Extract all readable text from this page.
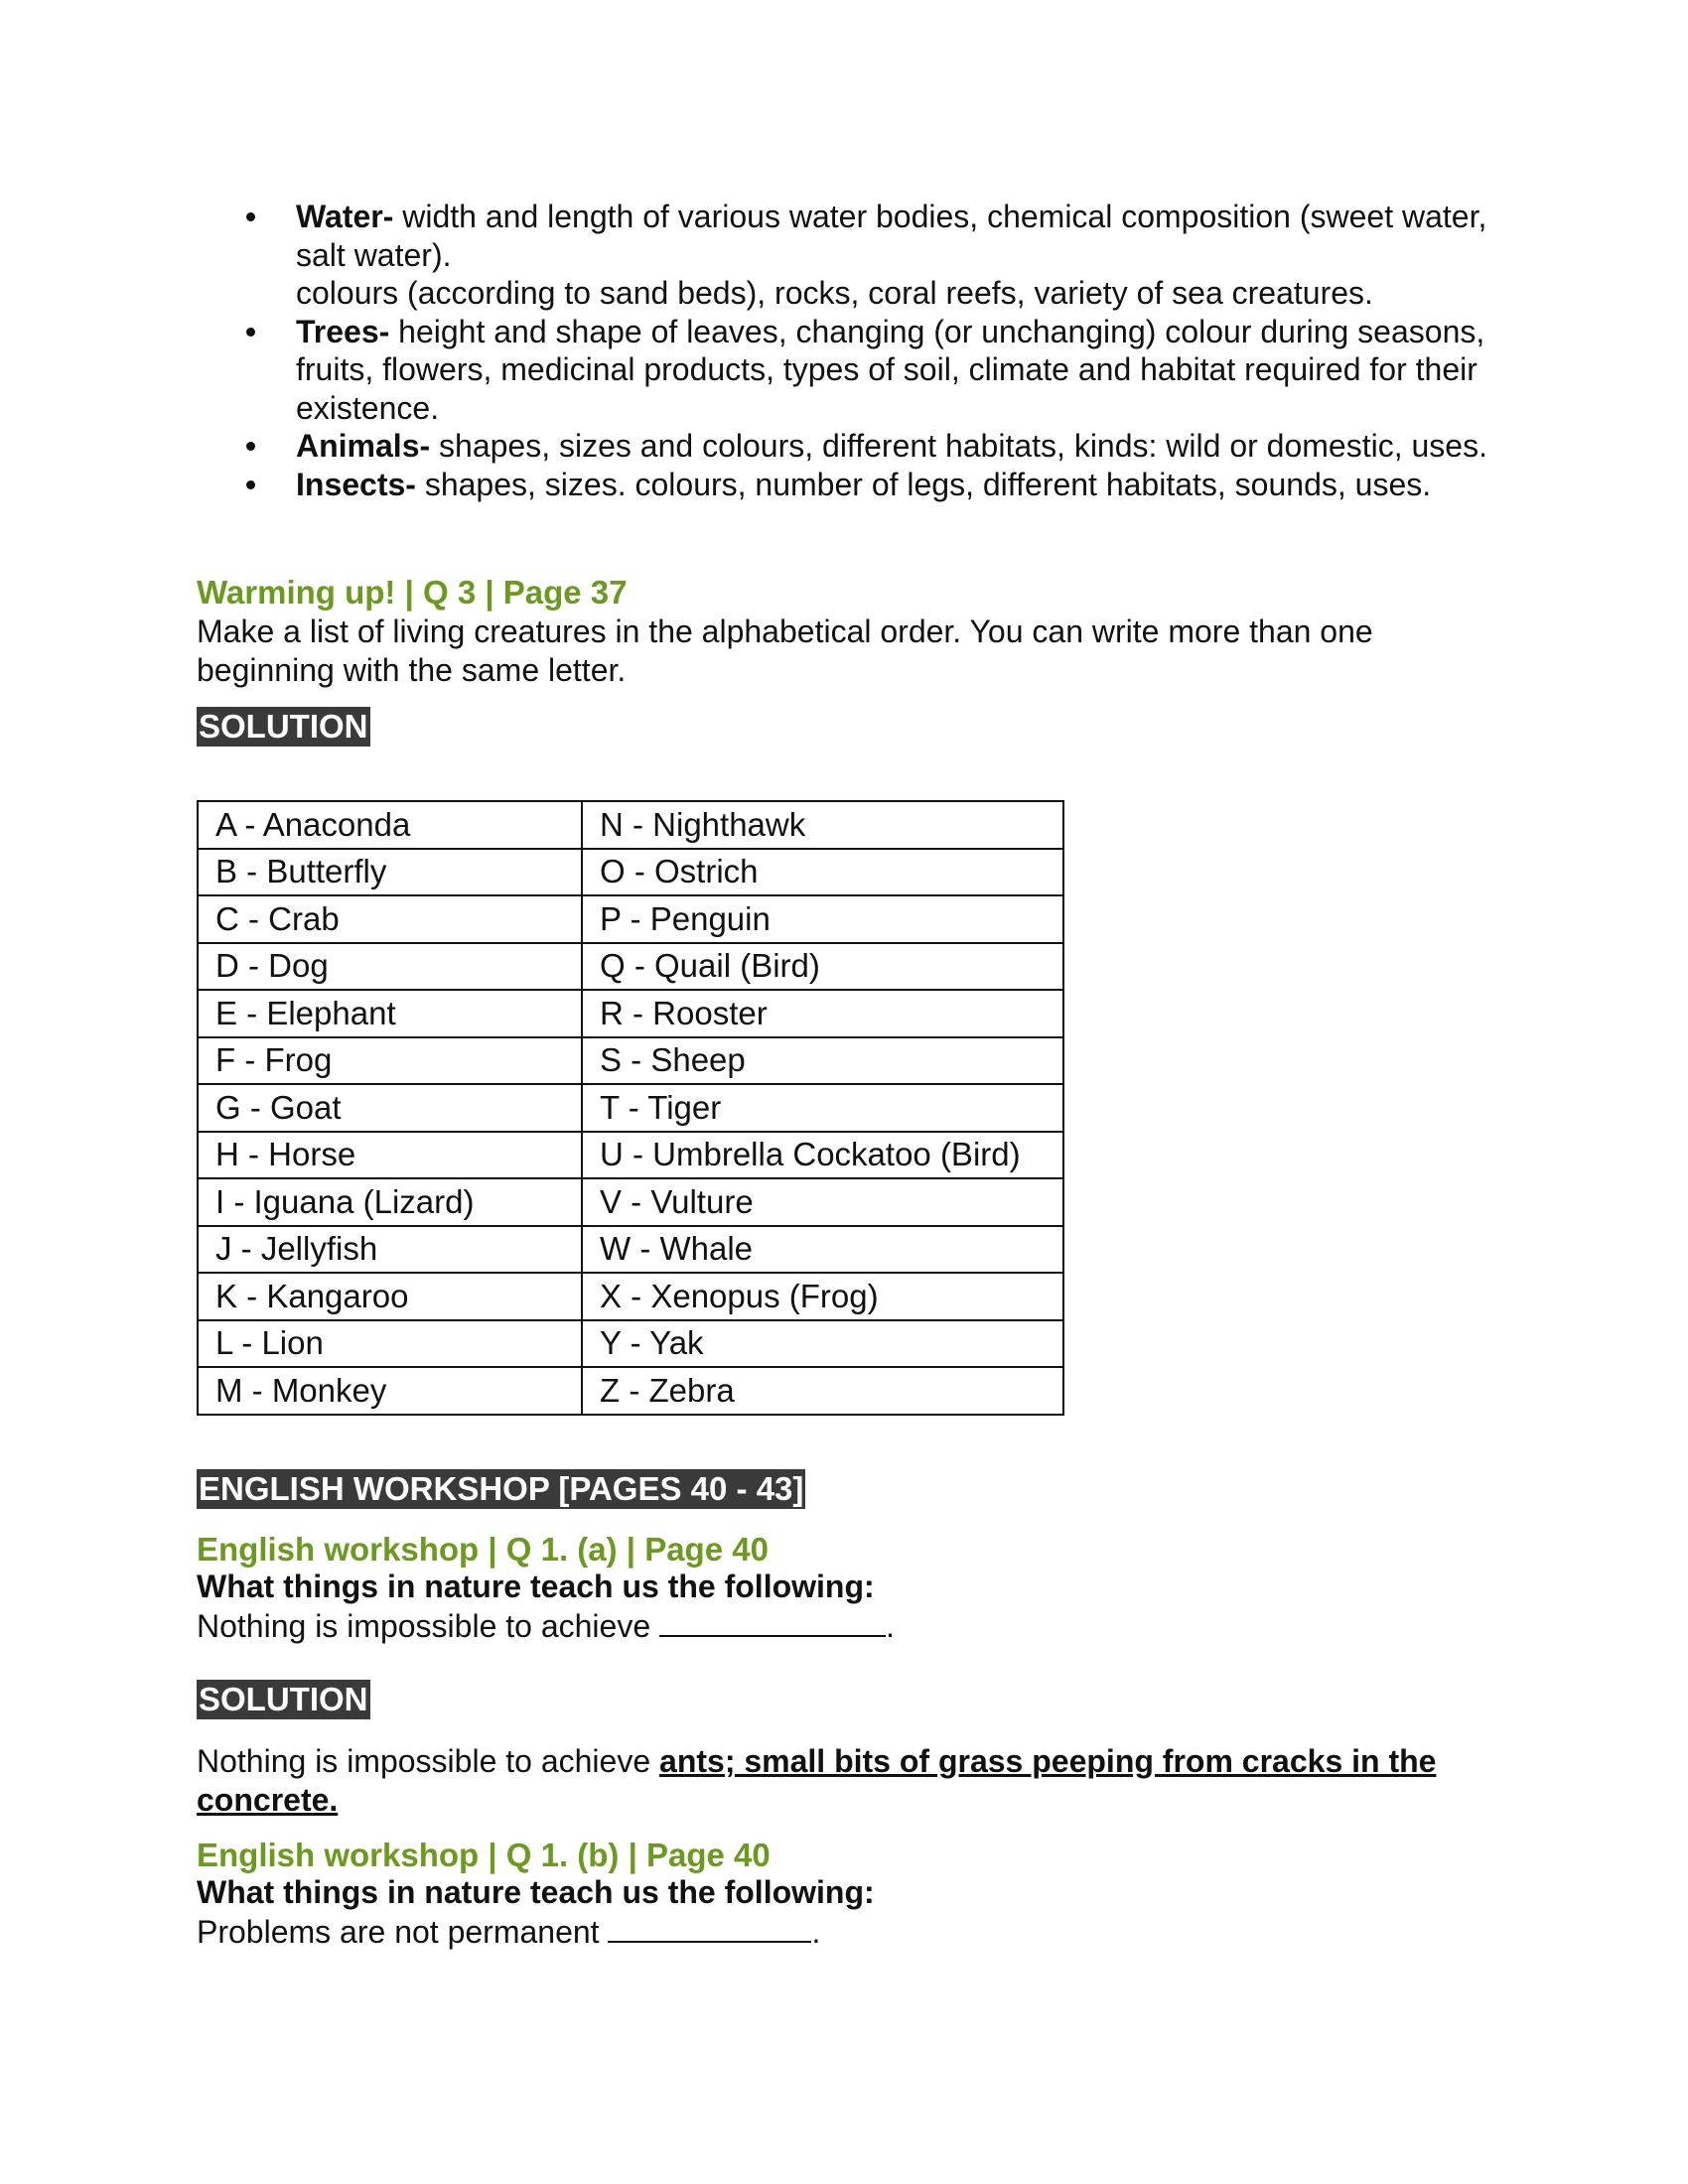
Water- width and length of various water bodies, chemical composition (sweet water, salt water).
colours (according to sand beds), rocks, coral reefs, variety of sea creatures.
Trees- height and shape of leaves, changing (or unchanging) colour during seasons, fruits, flowers, medicinal products, types of soil, climate and habitat required for their existence.
Animals- shapes, sizes and colours, different habitats, kinds: wild or domestic, uses.
Insects- shapes, sizes. colours, number of legs, different habitats, sounds, uses.
Warming up! | Q 3 | Page 37
Make a list of living creatures in the alphabetical order. You can write more than one beginning with the same letter.
SOLUTION
A - Anaconda	N - Nighthawk
B - Butterfly	O - Ostrich
C - Crab	P - Penguin
D - Dog	Q - Quail (Bird)
E - Elephant	R - Rooster
F - Frog	S - Sheep
G - Goat	T - Tiger
H - Horse	U - Umbrella Cockatoo (Bird)
I - Iguana (Lizard)	V - Vulture
J - Jellyfish	W - Whale
K - Kangaroo	X - Xenopus (Frog)
L - Lion	Y - Yak
M - Monkey	Z - Zebra
ENGLISH WORKSHOP [PAGES 40 - 43]
English workshop | Q 1. (a) | Page 40
What things in nature teach us the following:
Nothing is impossible to achieve	.
SOLUTION
Nothing is impossible to achieve ants; small bits of grass peeping from cracks in the concrete.
English workshop | Q 1. (b) | Page 40
What things in nature teach us the following:
Problems are not permanent	.
